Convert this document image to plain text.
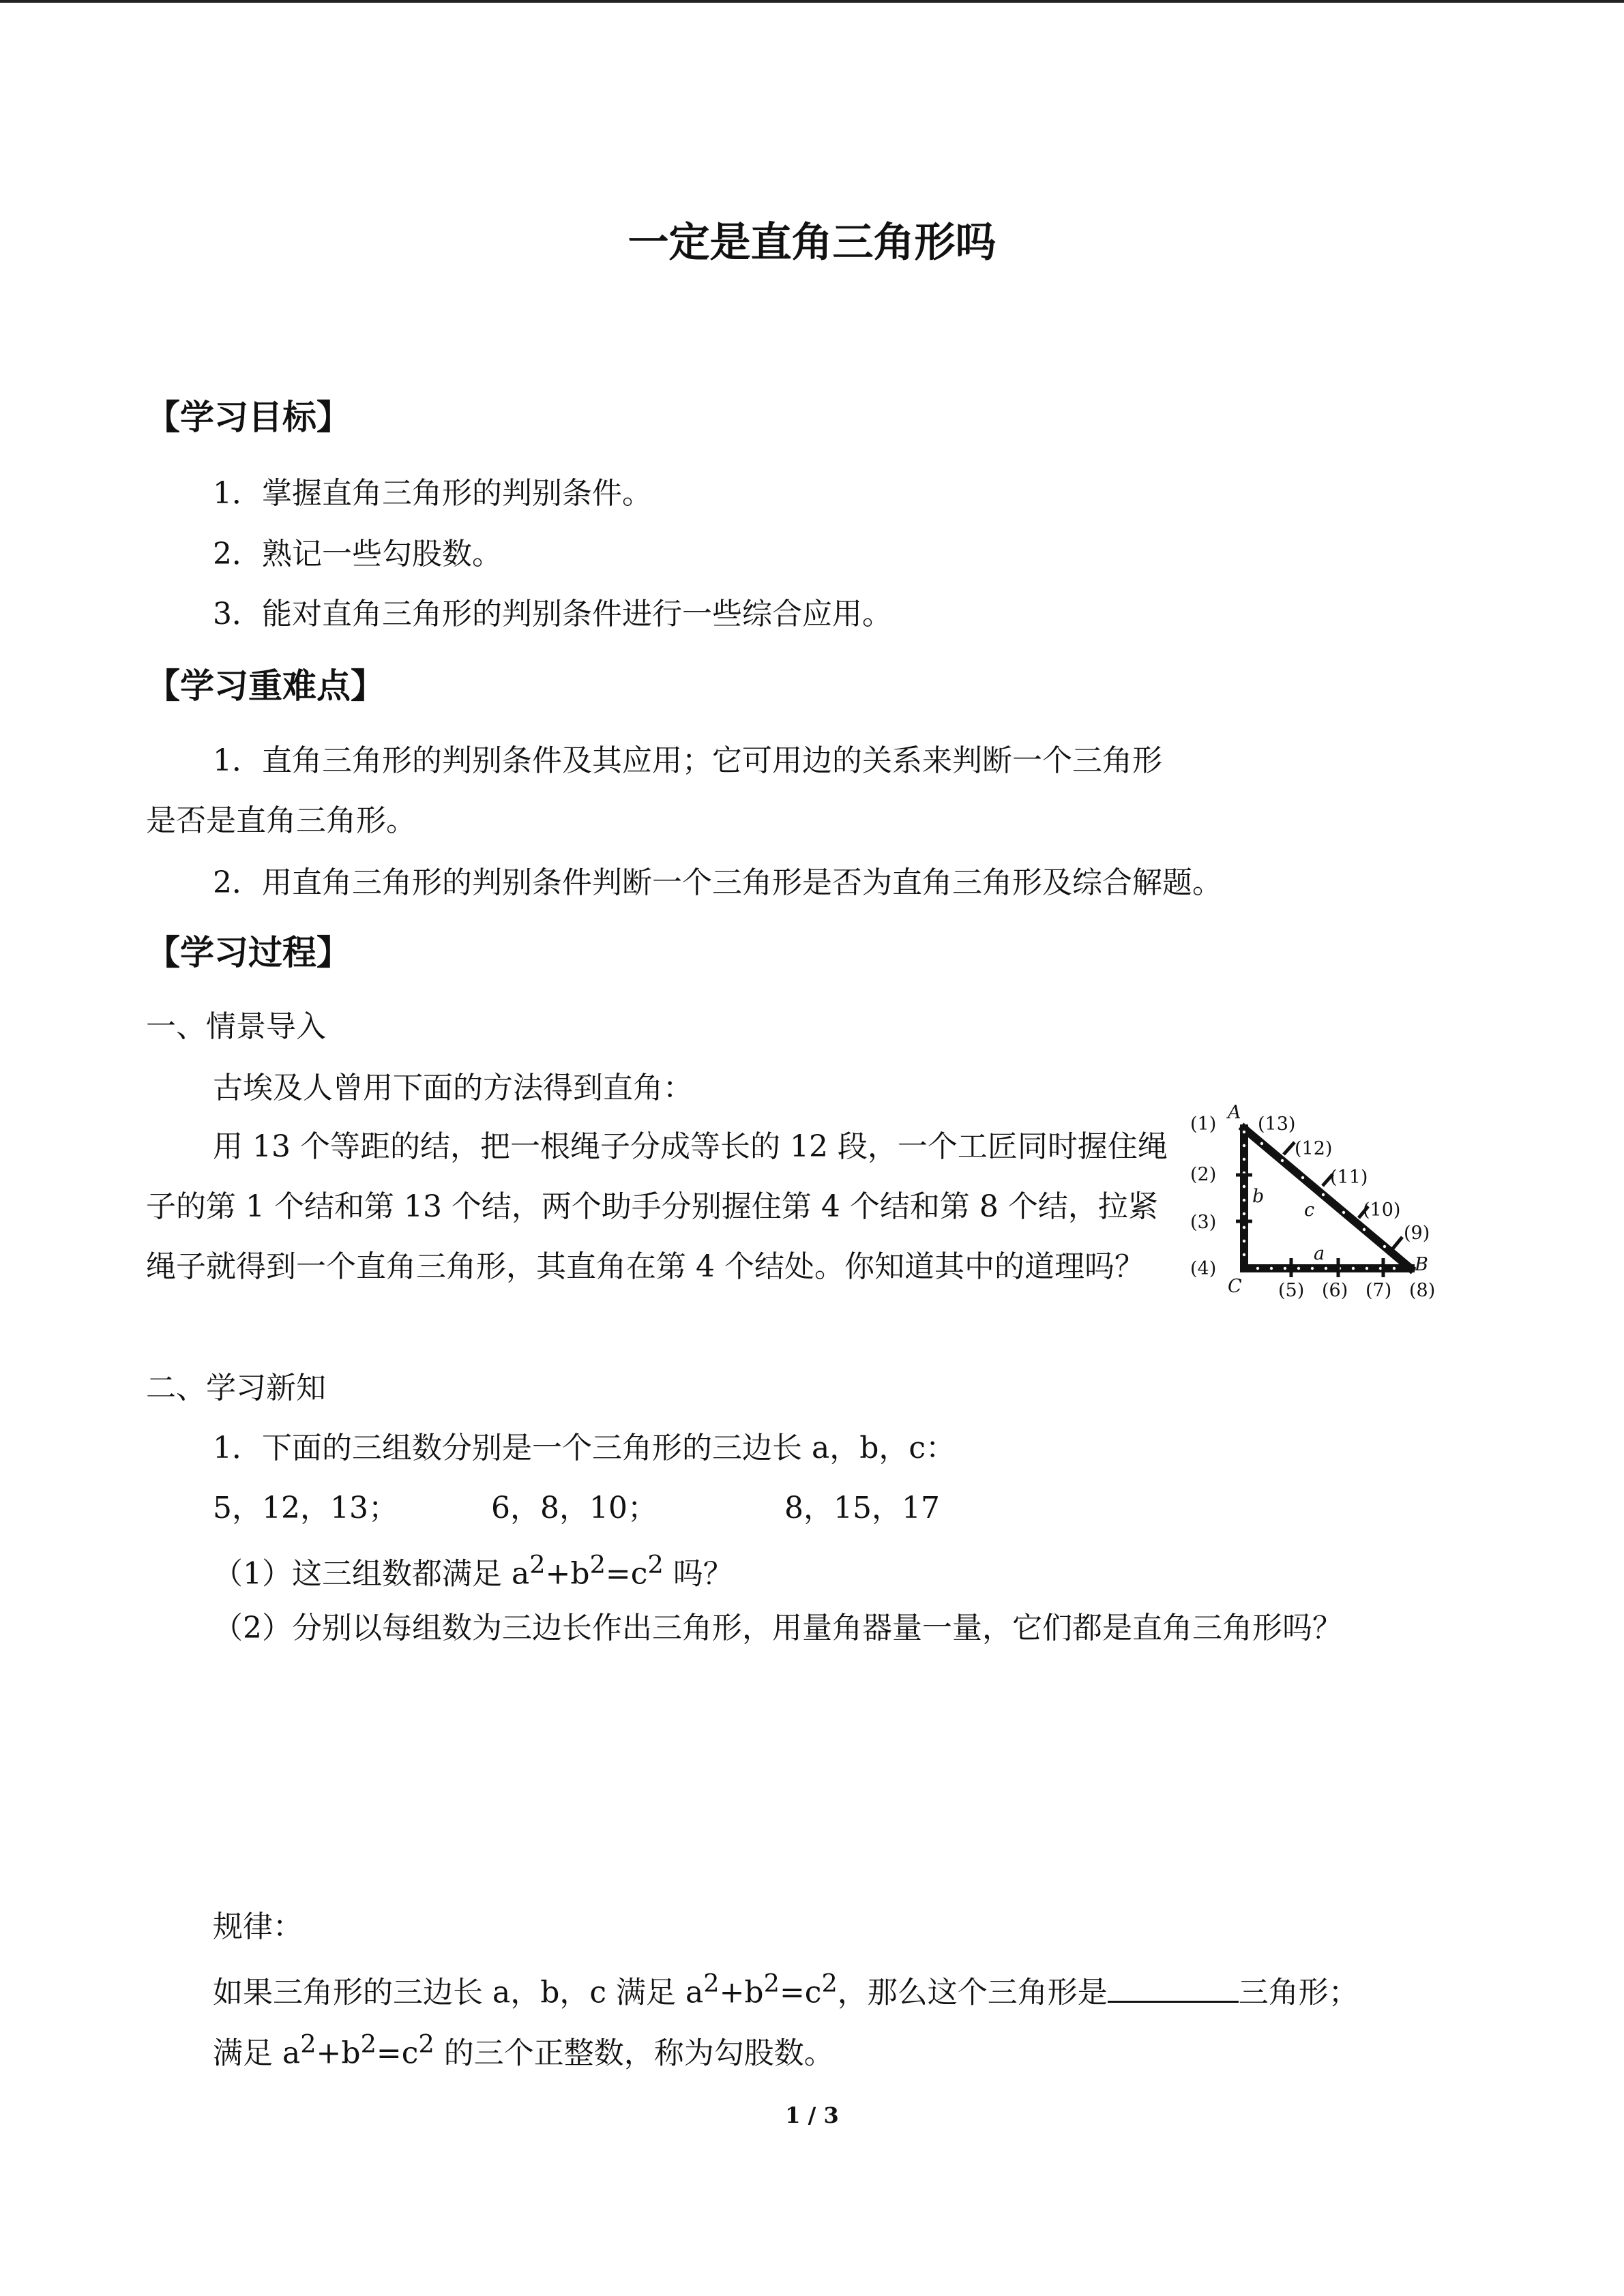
一定是直角三角形吗
【学习目标】
1．掌握直角三角形的判别条件。
2．熟记一些勾股数。
3．能对直角三角形的判别条件进行一些综合应用。
【学习重难点】
1．直角三角形的判别条件及其应用；它可用边的关系来判断一个三角形是否是直角三角形。
2．用直角三角形的判别条件判断一个三角形是否为直角三角形及综合解题。
【学习过程】
一、情景导入
古埃及人曾用下面的方法得到直角：
用 13 个等距的结，把一根绳子分成等长的 12 段，一个工匠同时握住绳子的第 1 个结和第 13 个结，两个助手分别握住第 4 个结和第 8 个结，拉紧绳子就得到一个直角三角形，其直角在第 4 个结处。你知道其中的道理吗？
A
B
C
a
b
c
(1)
(2)
(3)
(4)
(5) (6) (7) (8)
(9)
(10)
(11)
(12)
(13)
二、学习新知
1．下面的三组数分别是一个三角形的三边长 a，b，c：
5，12，13；	6，8，10；	8，15，17
（1）这三组数都满足 $a^2+b^2=c^2$ 吗？
（2）分别以每组数为三边长作出三角形，用量角器量一量，它们都是直角三角形吗？
规律：
如果三角形的三边长 a，b，c 满足 $a^2+b^2=c^2$，那么这个三角形是	三角形；
满足 $a^2+b^2=c^2$ 的三个正整数，称为勾股数。
1 / 3
